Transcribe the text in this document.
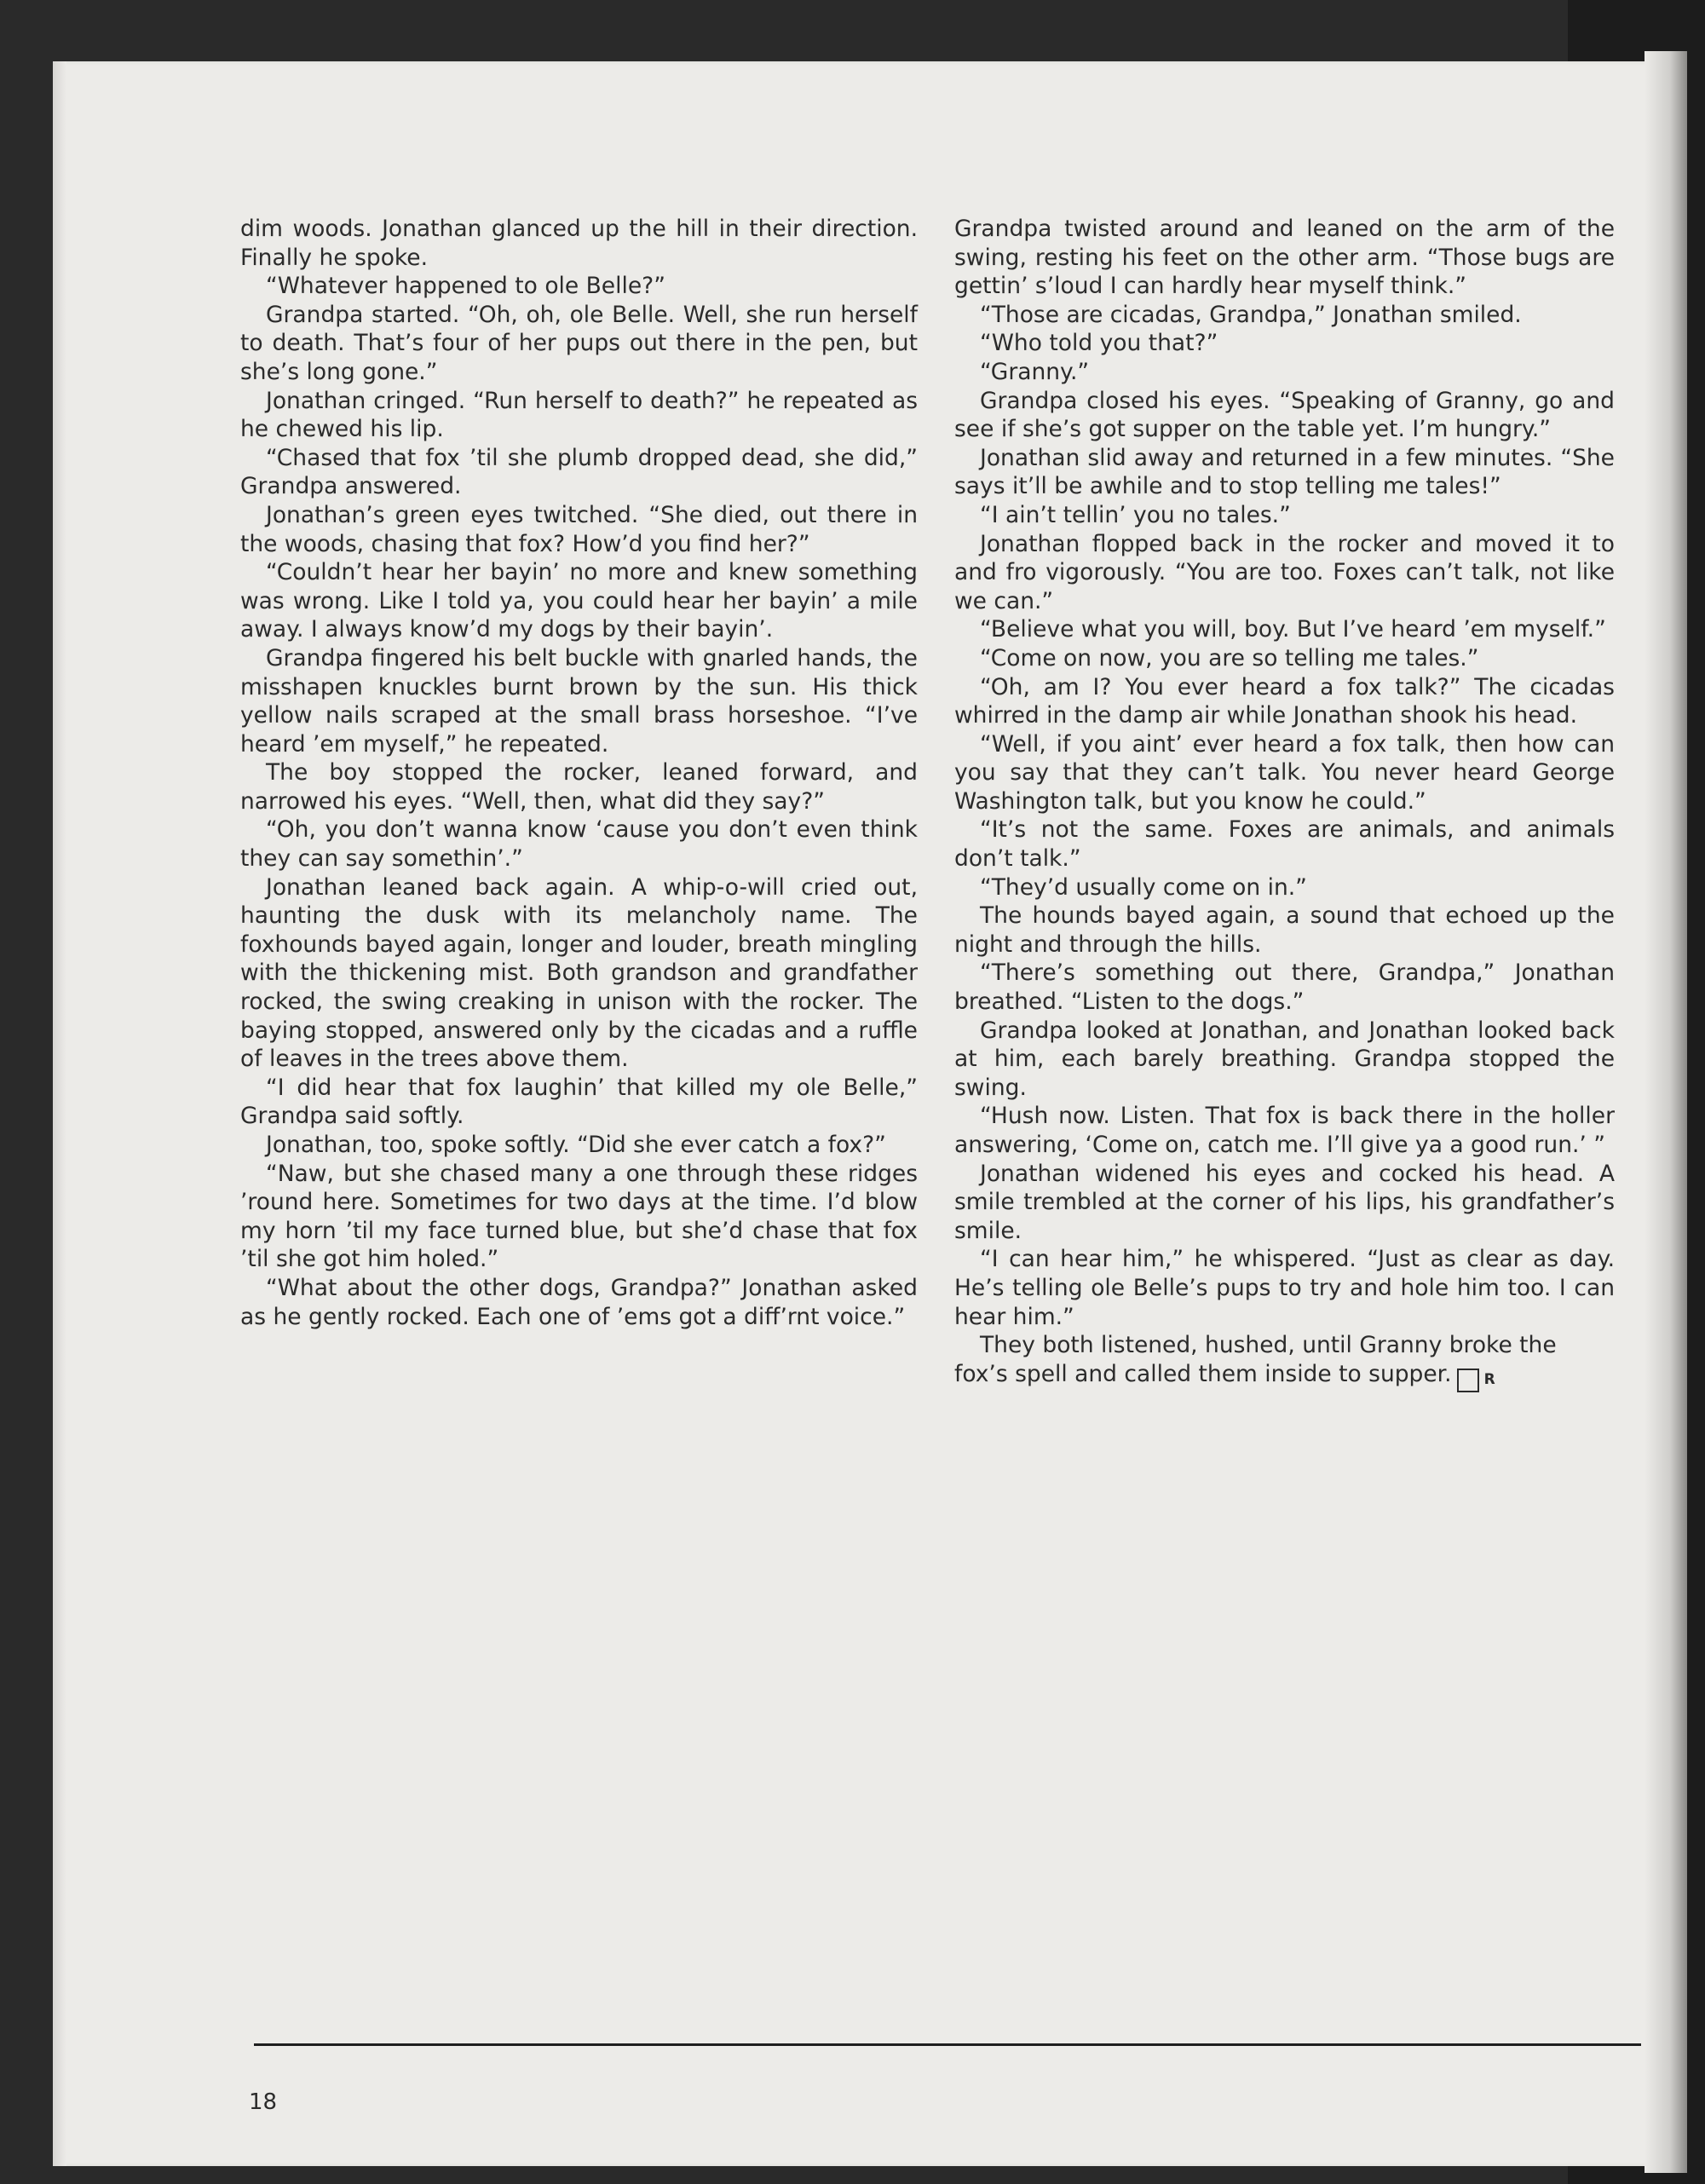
dim woods. Jonathan glanced up the hill in their direction. Finally he spoke.

“Whatever happened to ole Belle?”

Grandpa started. “Oh, oh, ole Belle. Well, she run herself to death. That’s four of her pups out there in the pen, but she’s long gone.”

Jonathan cringed. “Run herself to death?” he repeated as he chewed his lip.

“Chased that fox ’til she plumb dropped dead, she did,” Grandpa answered.

Jonathan’s green eyes twitched. “She died, out there in the woods, chasing that fox? How’d you find her?”

“Couldn’t hear her bayin’ no more and knew something was wrong. Like I told ya, you could hear her bayin’ a mile away. I always know’d my dogs by their bayin’.

Grandpa fingered his belt buckle with gnarled hands, the misshapen knuckles burnt brown by the sun. His thick yellow nails scraped at the small brass horseshoe. “I’ve heard ’em myself,” he repeated.

The boy stopped the rocker, leaned forward, and narrowed his eyes. “Well, then, what did they say?”

“Oh, you don’t wanna know ‘cause you don’t even think they can say somethin’.”

Jonathan leaned back again. A whip-o-will cried out, haunting the dusk with its melancholy name. The foxhounds bayed again, longer and louder, breath mingling with the thickening mist. Both grandson and grandfather rocked, the swing creaking in unison with the rocker. The baying stopped, answered only by the cicadas and a ruffle of leaves in the trees above them.

“I did hear that fox laughin’ that killed my ole Belle,” Grandpa said softly.

Jonathan, too, spoke softly. “Did she ever catch a fox?”

“Naw, but she chased many a one through these ridges ’round here. Sometimes for two days at the time. I’d blow my horn ’til my face turned blue, but she’d chase that fox ’til she got him holed.”

“What about the other dogs, Grandpa?” Jonathan asked as he gently rocked. Each one of ’ems got a diff’rnt voice.”

Grandpa twisted around and leaned on the arm of the swing, resting his feet on the other arm. “Those bugs are gettin’ s’loud I can hardly hear myself think.”

“Those are cicadas, Grandpa,” Jonathan smiled.

“Who told you that?”

“Granny.”

Grandpa closed his eyes. “Speaking of Granny, go and see if she’s got supper on the table yet. I’m hungry.”

Jonathan slid away and returned in a few minutes. “She says it’ll be awhile and to stop telling me tales!”

“I ain’t tellin’ you no tales.”

Jonathan flopped back in the rocker and moved it to and fro vigorously. “You are too. Foxes can’t talk, not like we can.”

“Believe what you will, boy. But I’ve heard ’em myself.”

“Come on now, you are so telling me tales.”

“Oh, am I? You ever heard a fox talk?” The cicadas whirred in the damp air while Jonathan shook his head.

“Well, if you aint’ ever heard a fox talk, then how can you say that they can’t talk. You never heard George Washington talk, but you know he could.”

“It’s not the same. Foxes are animals, and animals don’t talk.”

“They’d usually come on in.”

The hounds bayed again, a sound that echoed up the night and through the hills.

“There’s something out there, Grandpa,” Jonathan breathed. “Listen to the dogs.”

Grandpa looked at Jonathan, and Jonathan looked back at him, each barely breathing. Grandpa stopped the swing.

“Hush now. Listen. That fox is back there in the holler answering, ‘Come on, catch me. I’ll give ya a good run.’ ”

Jonathan widened his eyes and cocked his head. A smile trembled at the corner of his lips, his grandfather’s smile.

“I can hear him,” he whispered. “Just as clear as day. He’s telling ole Belle’s pups to try and hole him too. I can hear him.”

They both listened, hushed, until Granny broke the fox’s spell and called them inside to supper. R

18
